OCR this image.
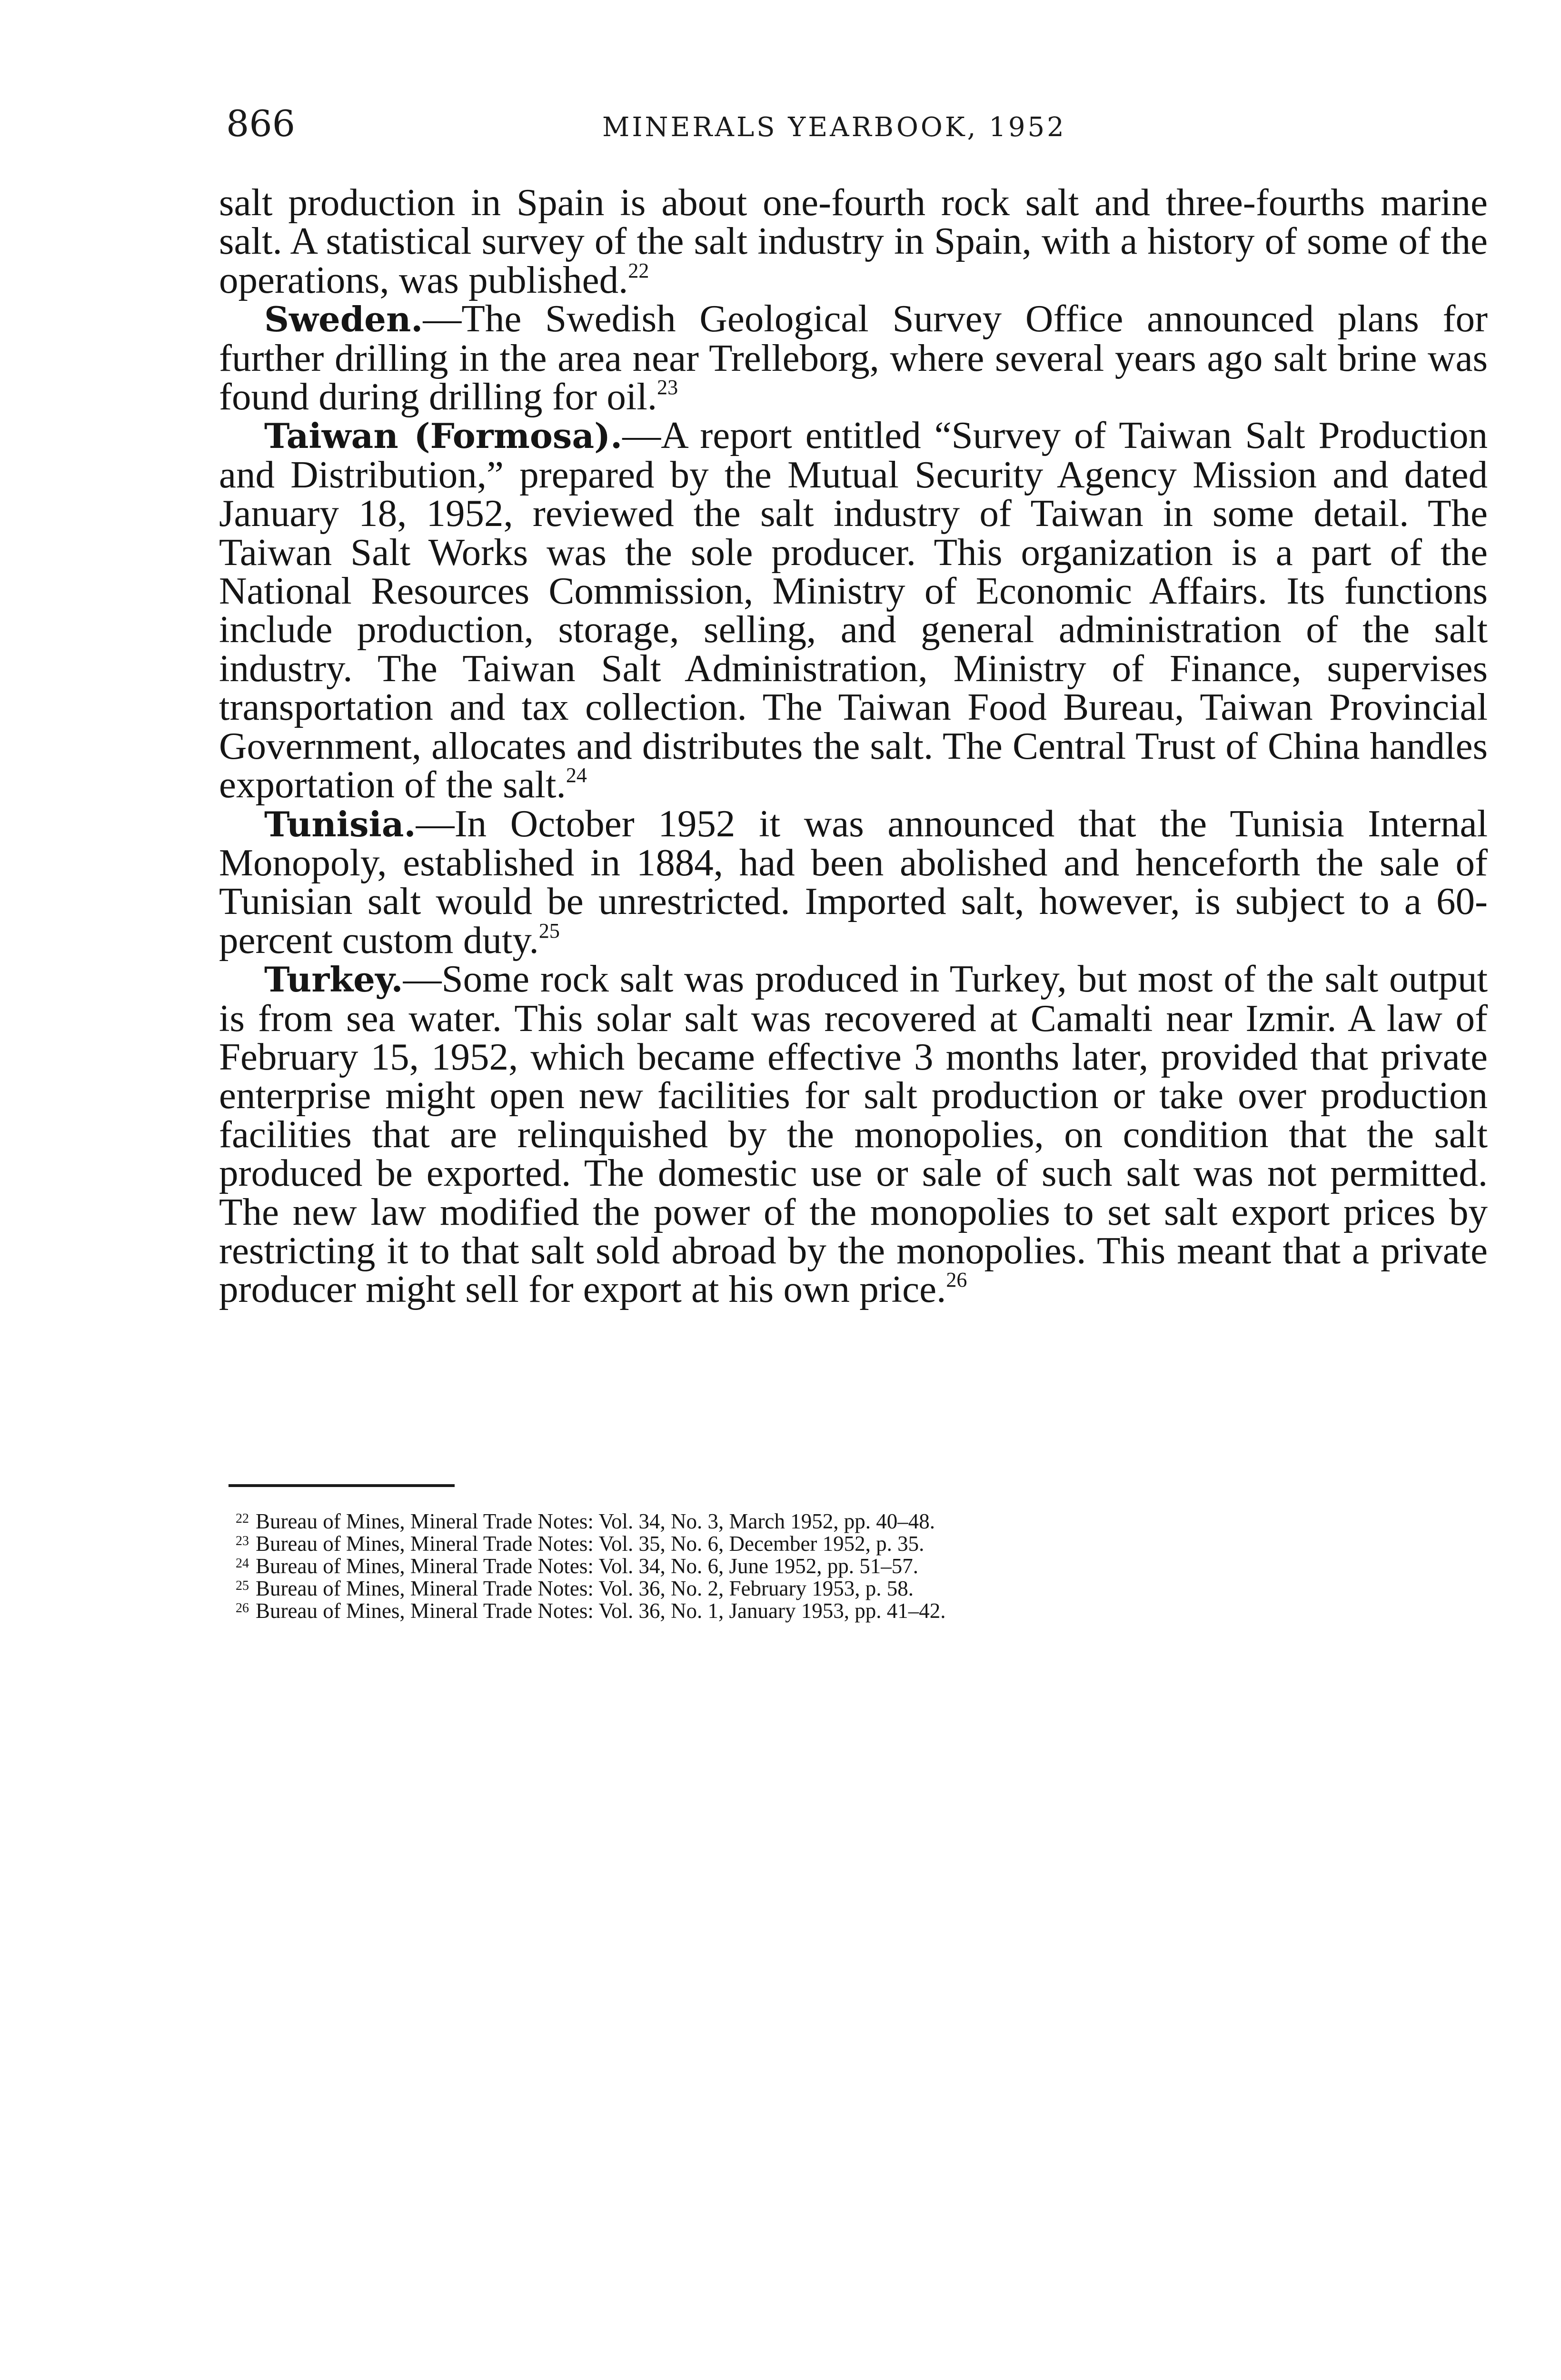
866	MINERALS YEARBOOK, 1952

salt production in Spain is about one-fourth rock salt and three-fourths marine salt. A statistical survey of the salt industry in Spain, with a history of some of the operations, was published.$^{22}$

Sweden.—The Swedish Geological Survey Office announced plans for further drilling in the area near Trelleborg, where several years ago salt brine was found during drilling for oil.$^{23}$

Taiwan (Formosa).—A report entitled “Survey of Taiwan Salt Production and Distribution,” prepared by the Mutual Security Agency Mission and dated January 18, 1952, reviewed the salt industry of Taiwan in some detail. The Taiwan Salt Works was the sole producer. This organization is a part of the National Resources Commission, Ministry of Economic Affairs. Its functions include production, storage, selling, and general administration of the salt industry. The Taiwan Salt Administration, Ministry of Finance, supervises transportation and tax collection. The Taiwan Food Bureau, Taiwan Provincial Government, allocates and distributes the salt. The Central Trust of China handles exportation of the salt.$^{24}$

Tunisia.—In October 1952 it was announced that the Tunisia Internal Monopoly, established in 1884, had been abolished and henceforth the sale of Tunisian salt would be unrestricted. Imported salt, however, is subject to a 60-percent custom duty.$^{25}$

Turkey.—Some rock salt was produced in Turkey, but most of the salt output is from sea water. This solar salt was recovered at Camalti near Izmir. A law of February 15, 1952, which became effective 3 months later, provided that private enterprise might open new facilities for salt production or take over production facilities that are relinquished by the monopolies, on condition that the salt produced be exported. The domestic use or sale of such salt was not permitted. The new law modified the power of the monopolies to set salt export prices by restricting it to that salt sold abroad by the monopolies. This meant that a private producer might sell for export at his own price.$^{26}$

$^{22}$ Bureau of Mines, Mineral Trade Notes: Vol. 34, No. 3, March 1952, pp. 40–48.

$^{23}$ Bureau of Mines, Mineral Trade Notes: Vol. 35, No. 6, December 1952, p. 35.

$^{24}$ Bureau of Mines, Mineral Trade Notes: Vol. 34, No. 6, June 1952, pp. 51–57.

$^{25}$ Bureau of Mines, Mineral Trade Notes: Vol. 36, No. 2, February 1953, p. 58.

$^{26}$ Bureau of Mines, Mineral Trade Notes: Vol. 36, No. 1, January 1953, pp. 41–42.
